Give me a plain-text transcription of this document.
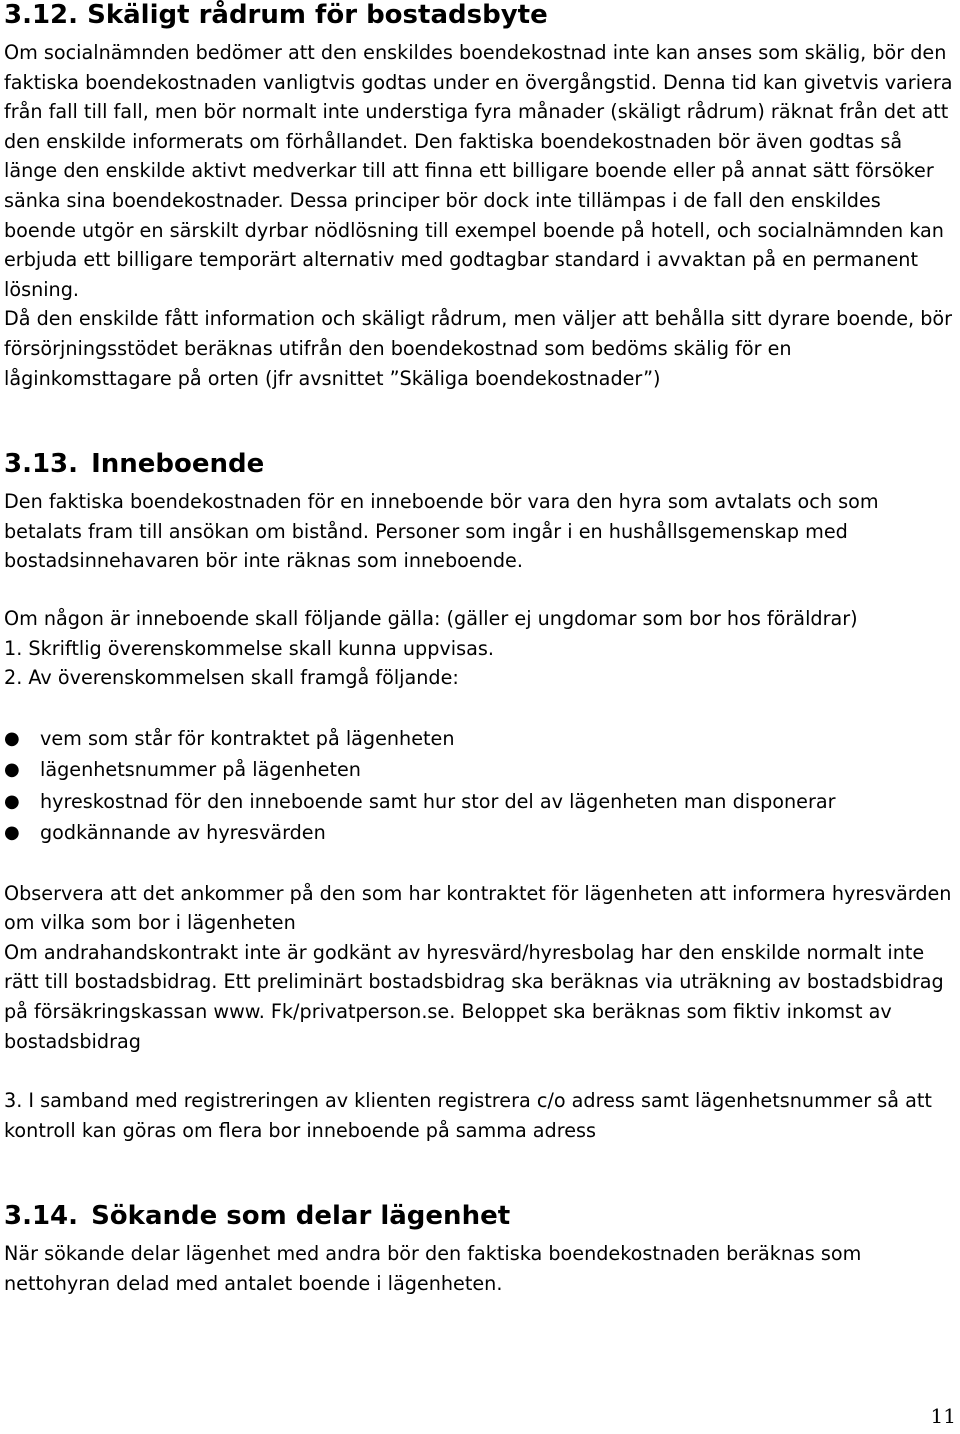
3.12. Skäligt rådrum för bostadsbyte

Om socialnämnden bedömer att den enskildes boendekostnad inte kan anses som skälig, bör den faktiska boendekostnaden vanligtvis godtas under en övergångstid. Denna tid kan givetvis variera från fall till fall, men bör normalt inte understiga fyra månader (skäligt rådrum) räknat från det att den enskilde informerats om förhållandet. Den faktiska boendekostnaden bör även godtas så länge den enskilde aktivt medverkar till att finna ett billigare boende eller på annat sätt försöker sänka sina boendekostnader. Dessa principer bör dock inte tillämpas i de fall den enskildes boende utgör en särskilt dyrbar nödlösning till exempel boende på hotell, och socialnämnden kan erbjuda ett billigare temporärt alternativ med godtagbar standard i avvaktan på en permanent lösning.

Då den enskilde fått information och skäligt rådrum, men väljer att behålla sitt dyrare boende, bör försörjningsstödet beräknas utifrån den boendekostnad som bedöms skälig för en låginkomsttagare på orten (jfr avsnittet ”Skäliga boendekostnader”)

3.13. Inneboende

Den faktiska boendekostnaden för en inneboende bör vara den hyra som avtalats och som betalats fram till ansökan om bistånd. Personer som ingår i en hushållsgemenskap med bostadsinnehavaren bör inte räknas som inneboende.

Om någon är inneboende skall följande gälla: (gäller ej ungdomar som bor hos föräldrar)

1. Skriftlig överenskommelse skall kunna uppvisas.

2. Av överenskommelsen skall framgå följande:

●	vem som står för kontraktet på lägenheten
●	lägenhetsnummer på lägenheten
●	hyreskostnad för den inneboende samt hur stor del av lägenheten man disponerar
●	godkännande av hyresvärden

Observera att det ankommer på den som har kontraktet för lägenheten att informera hyresvärden om vilka som bor i lägenheten

Om andrahandskontrakt inte är godkänt av hyresvärd/hyresbolag har den enskilde normalt inte rätt till bostadsbidrag. Ett preliminärt bostadsbidrag ska beräknas via uträkning av bostadsbidrag på försäkringskassan www. Fk/privatperson.se. Beloppet ska beräknas som fiktiv inkomst av bostadsbidrag

3. I samband med registreringen av klienten registrera c/o adress samt lägenhetsnummer så att kontroll kan göras om flera bor inneboende på samma adress

3.14. Sökande som delar lägenhet

När sökande delar lägenhet med andra bör den faktiska boendekostnaden beräknas som nettohyran delad med antalet boende i lägenheten.

11
